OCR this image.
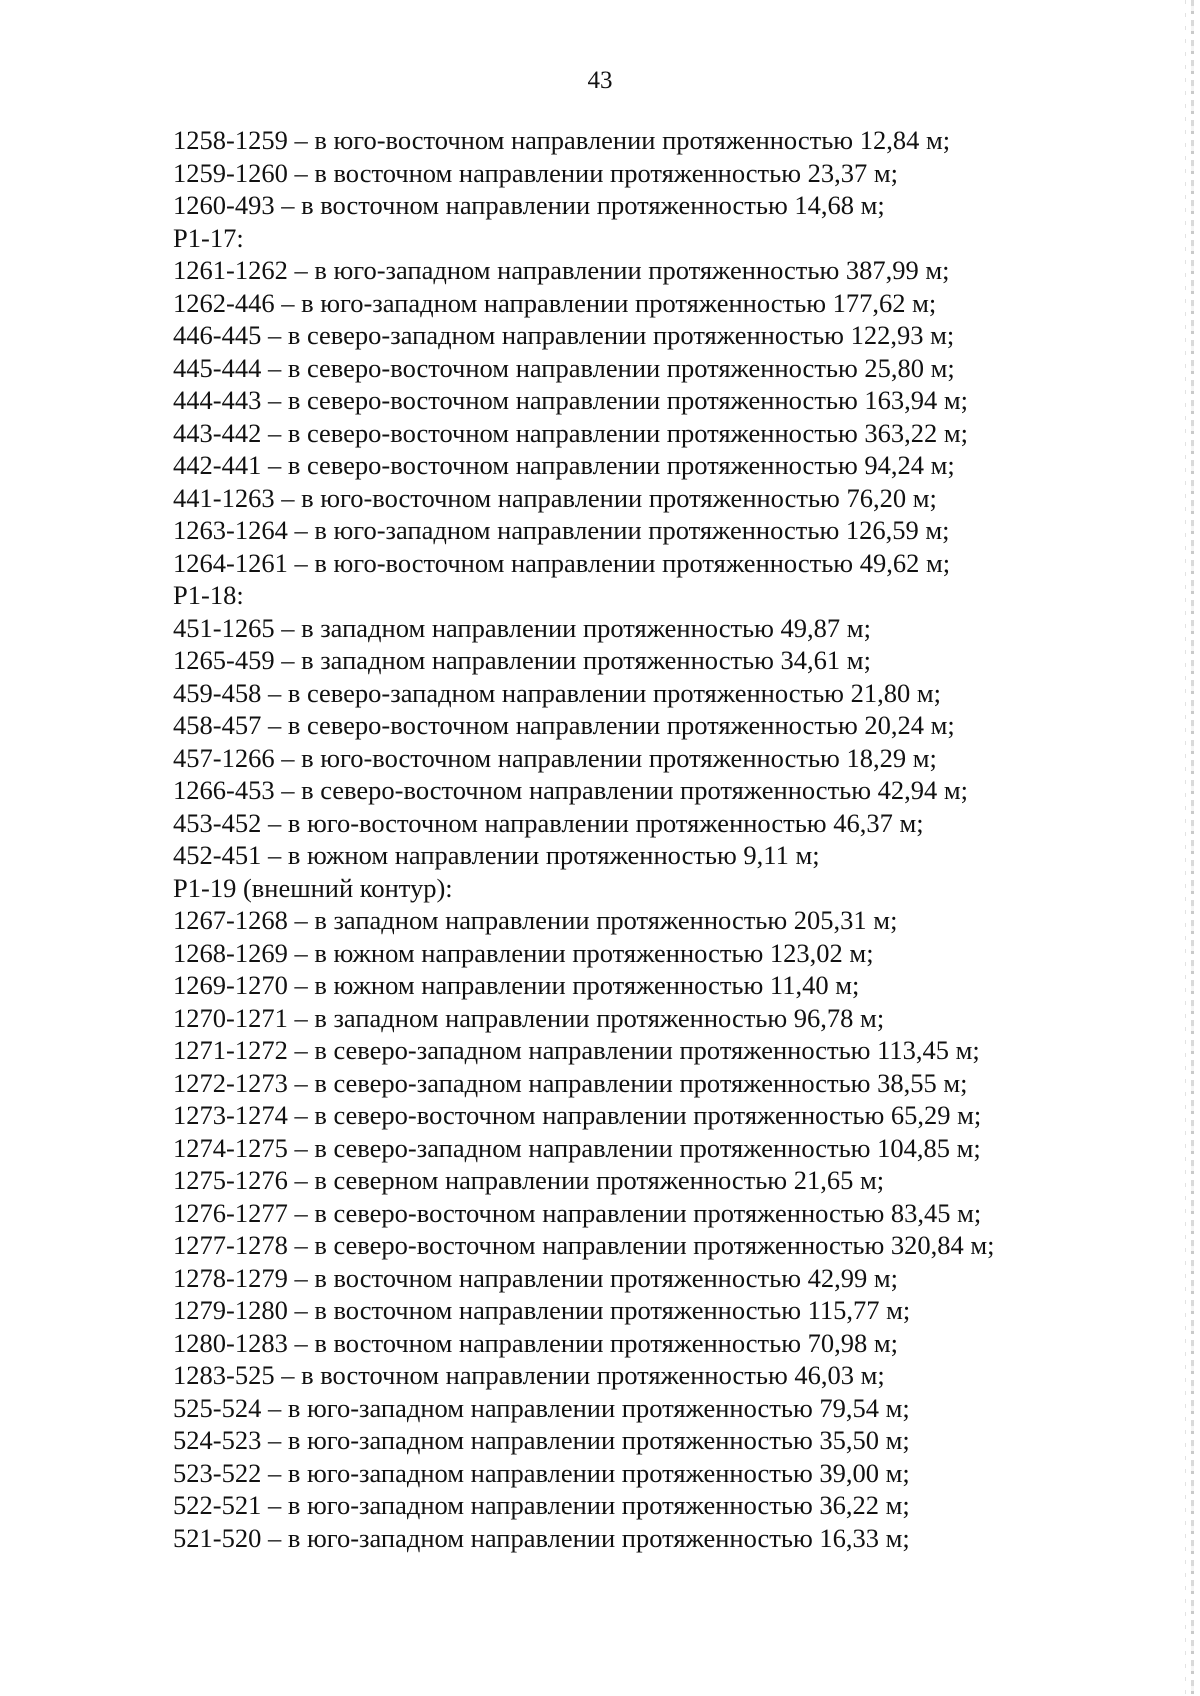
43
1258-1259 – в юго-восточном направлении протяженностью 12,84 м;
1259-1260 – в восточном направлении протяженностью 23,37 м;
1260-493 – в восточном направлении протяженностью 14,68 м;
Р1-17:
1261-1262 – в юго-западном направлении протяженностью 387,99 м;
1262-446 – в юго-западном направлении протяженностью 177,62 м;
446-445 – в северо-западном направлении протяженностью 122,93 м;
445-444 – в северо-восточном направлении протяженностью 25,80 м;
444-443 – в северо-восточном направлении протяженностью 163,94 м;
443-442 – в северо-восточном направлении протяженностью 363,22 м;
442-441 – в северо-восточном направлении протяженностью 94,24 м;
441-1263 – в юго-восточном направлении протяженностью 76,20 м;
1263-1264 – в юго-западном направлении протяженностью 126,59 м;
1264-1261 – в юго-восточном направлении протяженностью 49,62 м;
Р1-18:
451-1265 – в западном направлении протяженностью 49,87 м;
1265-459 – в западном направлении протяженностью 34,61 м;
459-458 – в северо-западном направлении протяженностью 21,80 м;
458-457 – в северо-восточном направлении протяженностью 20,24 м;
457-1266 – в юго-восточном направлении протяженностью 18,29 м;
1266-453 – в северо-восточном направлении протяженностью 42,94 м;
453-452 – в юго-восточном направлении протяженностью 46,37 м;
452-451 – в южном направлении протяженностью 9,11 м;
Р1-19 (внешний контур):
1267-1268 – в западном направлении протяженностью 205,31 м;
1268-1269 – в южном направлении протяженностью 123,02 м;
1269-1270 – в южном направлении протяженностью 11,40 м;
1270-1271 – в западном направлении протяженностью 96,78 м;
1271-1272 – в северо-западном направлении протяженностью 113,45 м;
1272-1273 – в северо-западном направлении протяженностью 38,55 м;
1273-1274 – в северо-восточном направлении протяженностью 65,29 м;
1274-1275 – в северо-западном направлении протяженностью 104,85 м;
1275-1276 – в северном направлении протяженностью 21,65 м;
1276-1277 – в северо-восточном направлении протяженностью 83,45 м;
1277-1278 – в северо-восточном направлении протяженностью 320,84 м;
1278-1279 – в восточном направлении протяженностью 42,99 м;
1279-1280 – в восточном направлении протяженностью 115,77 м;
1280-1283 – в восточном направлении протяженностью 70,98 м;
1283-525 – в восточном направлении протяженностью 46,03 м;
525-524 – в юго-западном направлении протяженностью 79,54 м;
524-523 – в юго-западном направлении протяженностью 35,50 м;
523-522 – в юго-западном направлении протяженностью 39,00 м;
522-521 – в юго-западном направлении протяженностью 36,22 м;
521-520 – в юго-западном направлении протяженностью 16,33 м;
